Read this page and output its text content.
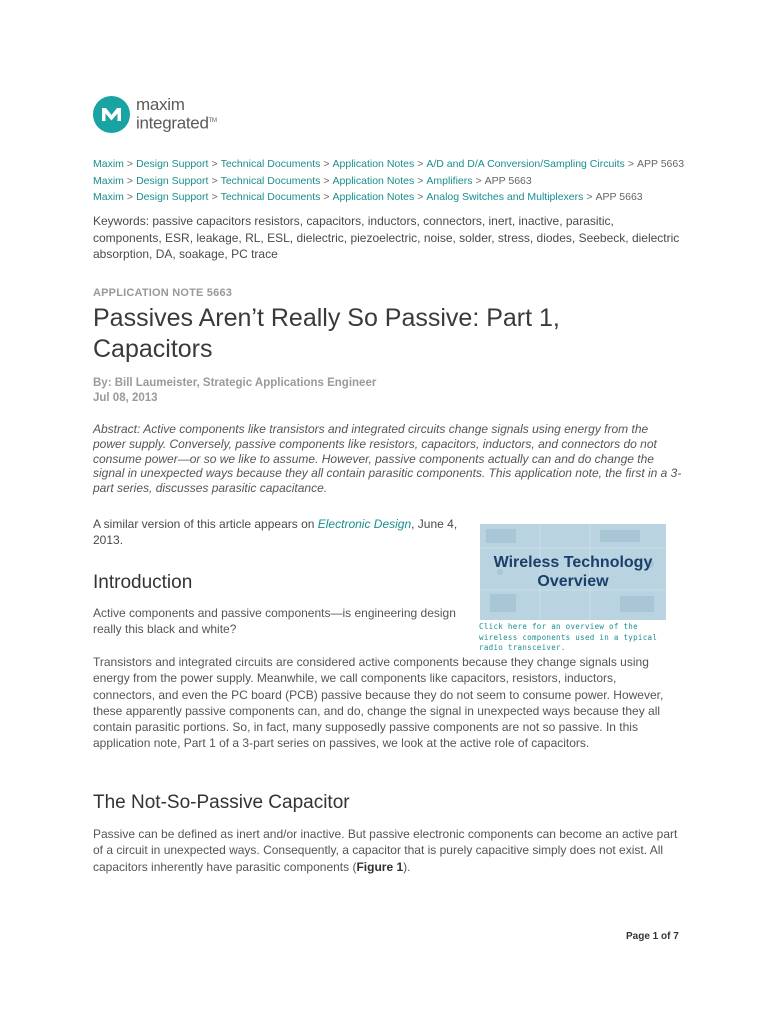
maxim
integrated™
Maxim > Design Support > Technical Documents > Application Notes > A/D and D/A Conversion/Sampling Circuits > APP 5663
Maxim > Design Support > Technical Documents > Application Notes > Amplifiers > APP 5663
Maxim > Design Support > Technical Documents > Application Notes > Analog Switches and Multiplexers > APP 5663
Keywords: passive capacitors resistors, capacitors, inductors, connectors, inert, inactive, parasitic, components, ESR, leakage, RL, ESL, dielectric, piezoelectric, noise, solder, stress, diodes, Seebeck, dielectric absorption, DA, soakage, PC trace
APPLICATION NOTE 5663
Passives Aren’t Really So Passive: Part 1, Capacitors
By: Bill Laumeister, Strategic Applications Engineer
Jul 08, 2013
Abstract: Active components like transistors and integrated circuits change signals using energy from the power supply. Conversely, passive components like resistors, capacitors, inductors, and connectors do not consume power—or so we like to assume. However, passive components actually can and do change the signal in unexpected ways because they all contain parasitic components. This application note, the first in a 3-part series, discusses parasitic capacitance.
A similar version of this article appears on Electronic Design, June 4, 2013.
Wireless Technology
Overview
Click here for an overview of the wireless components used in a typical radio transceiver.
Introduction
Active components and passive components—is engineering design really this black and white?
Transistors and integrated circuits are considered active components because they change signals using energy from the power supply. Meanwhile, we call components like capacitors, resistors, inductors, connectors, and even the PC board (PCB) passive because they do not seem to consume power. However, these apparently passive components can, and do, change the signal in unexpected ways because they all contain parasitic portions. So, in fact, many supposedly passive components are not so passive. In this application note, Part 1 of a 3-part series on passives, we look at the active role of capacitors.
The Not-So-Passive Capacitor
Passive can be defined as inert and/or inactive. But passive electronic components can become an active part of a circuit in unexpected ways. Consequently, a capacitor that is purely capacitive simply does not exist. All capacitors inherently have parasitic components (Figure 1).
Page 1 of 7
